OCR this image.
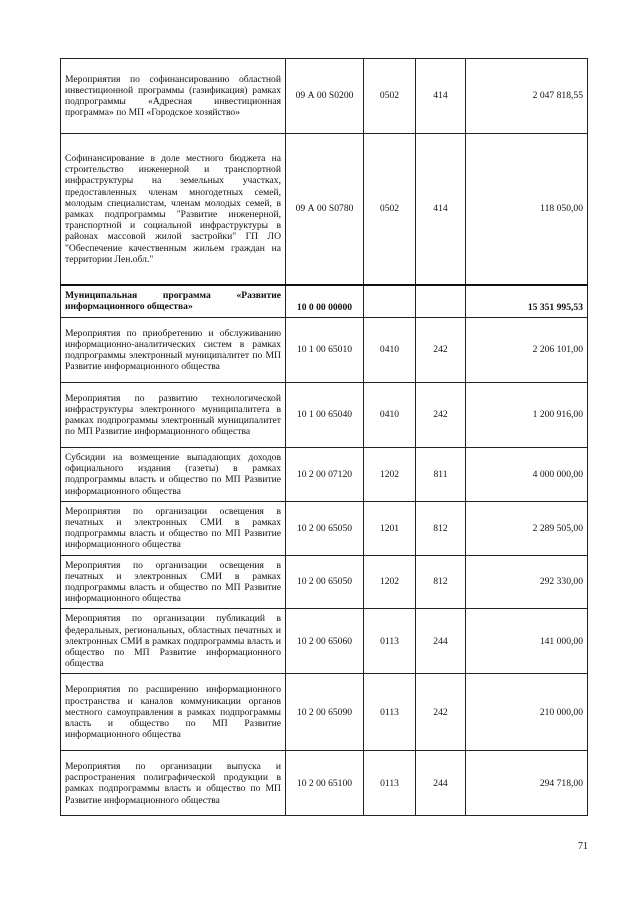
Мероприятия по софинансированию областной инвестиционной программы (газификация) рамках подпрограммы «Адресная инвестиционная программа» по МП «Городское хозяйство»	09 А 00 S0200	0502	414	2 047 818,55
Софинансирование в доле местного бюджета на строительство инженерной и транспортной инфраструктуры на земельных участках, предоставленных членам многодетных семей, молодым специалистам, членам молодых семей, в рамках подпрограммы "Развитие инженерной, транспортной и социальной инфраструктуры в районах массовой жилой застройки" ГП ЛО "Обеспечение качественным жильем граждан на территории Лен.обл."	09 А 00 S0780	0502	414	118 050,00
Муниципальная программа «Развитие информационного общества»	10 0 00 00000			15 351 995,53
Мероприятия по приобретению и обслуживанию информационно-аналитических систем в рамках подпрограммы электронный муниципалитет по МП Развитие информационного общества	10 1 00 65010	0410	242	2 206 101,00
Мероприятия по развитию технологической инфраструктуры электронного муниципалитета в рамках подпрограммы электронный муниципалитет по МП Развитие информационного общества	10 1 00 65040	0410	242	1 200 916,00
Субсидии на возмещение выпадающих доходов официального издания (газеты) в рамках подпрограммы власть и общество по МП Развитие информационного общества	10 2 00 07120	1202	811	4 000 000,00
Мероприятия по организации освещения в печатных и электронных СМИ в рамках подпрограммы власть и общество по МП Развитие информационного общества	10 2 00 65050	1201	812	2 289 505,00
Мероприятия по организации освещения в печатных и электронных СМИ в рамках подпрограммы власть и общество по МП Развитие информационного общества	10 2 00 65050	1202	812	292 330,00
Мероприятия по организации публикаций в федеральных, региональных, областных печатных и электронных СМИ в рамках подпрограммы власть и общество по МП Развитие информационного общества	10 2 00 65060	0113	244	141 000,00
Мероприятия по расширению информационного пространства и каналов коммуникации органов местного самоуправления в рамках подпрограммы власть и общество по МП Развитие информационного общества	10 2 00 65090	0113	242	210 000,00
Мероприятия по организации выпуска и распространения полиграфической продукции в рамках подпрограммы власть и общество по МП Развитие информационного общества	10 2 00 65100	0113	244	294 718,00
71
